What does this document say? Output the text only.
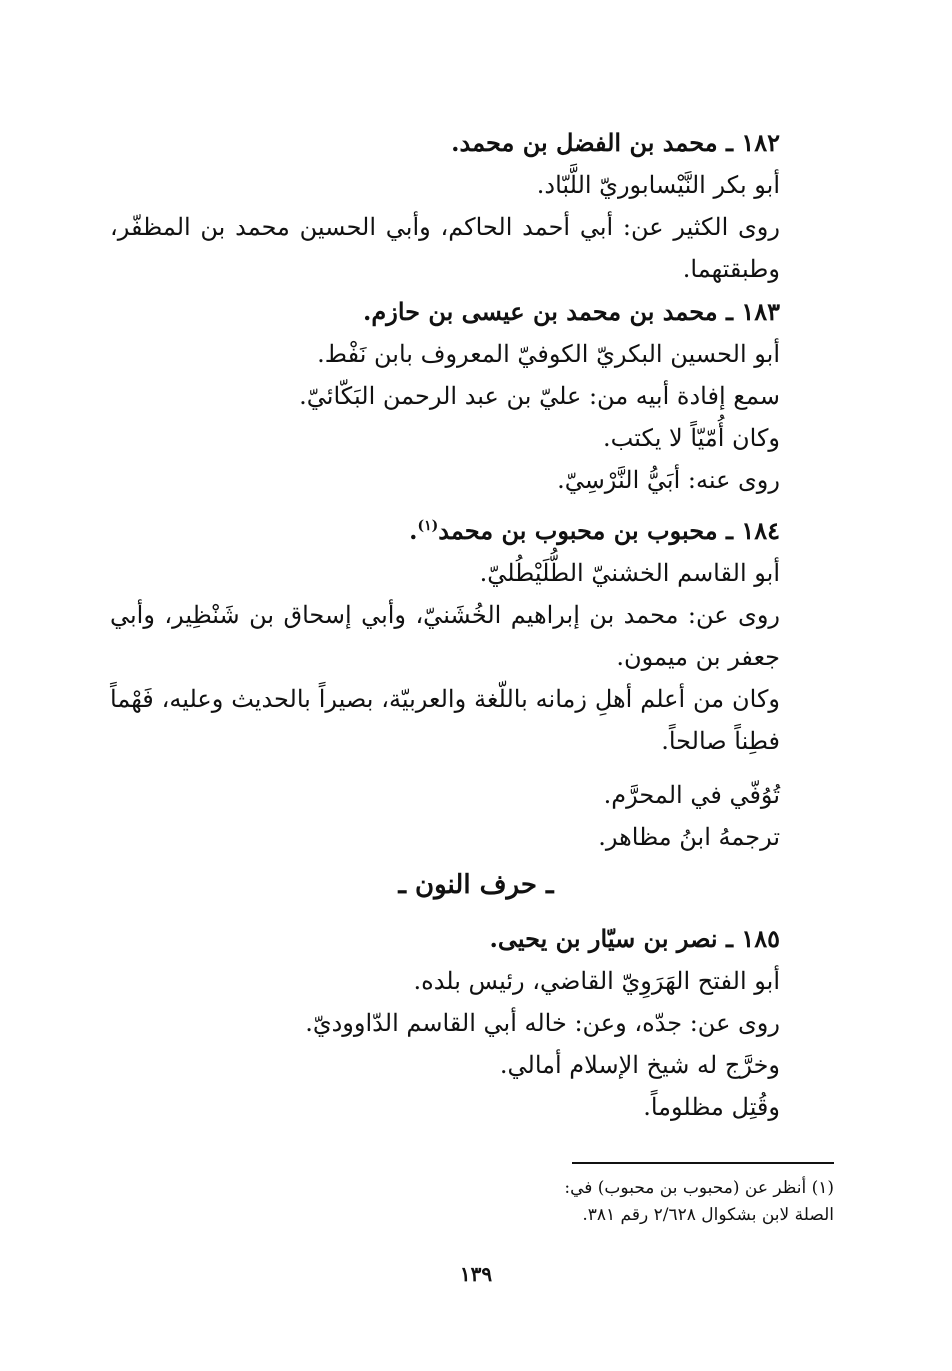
١٨٢ ـ محمد بن الفضل بن محمد.
أبو بكر النَّيْسابوريّ اللَّبّاد.
روى الكثير عن: أبي أحمد الحاكم، وأبي الحسين محمد بن المظفّر،
وطبقتهما.
١٨٣ ـ محمد بن محمد بن عيسى بن حازم.
أبو الحسين البكريّ الكوفيّ المعروف بابن نَفْط.
سمع إفادة أبيه من: عليّ بن عبد الرحمن البَكّائيّ.
وكان أُمّيّاً لا يكتب.
روى عنه: أبَيُّ النَّرْسِيّ.
١٨٤ ـ محبوب بن محبوب بن محمد$^{(١)}$.
أبو القاسم الخشنيّ الطُّلَيْطُليّ.
روى عن: محمد بن إبراهيم الخُشَنيّ، وأبي إسحاق بن شَنْظِير، وأبي
جعفر بن ميمون.
وكان من أعلم أهلِ زمانه باللّغة والعربيّة، بصيراً بالحديث وعليه، فَهْماً
فطِناً صالحاً.
تُوُفّي في المحرَّم.
ترجمهُ ابنُ مظاهر.
ـ حرف النون ـ
١٨٥ ـ نصر بن سيّار بن يحيى.
أبو الفتح الهَرَوِيّ القاضي، رئيس بلده.
روى عن: جدّه، وعن: خاله أبي القاسم الدّاووديّ.
وخرَّج له شيخ الإسلام أمالي.
وقُتِل مظلوماً.
(١) أنظر عن (محبوب بن محبوب) في:
الصلة لابن بشكوال ٢/٦٢٨ رقم ٣٨١.
١٣٩
